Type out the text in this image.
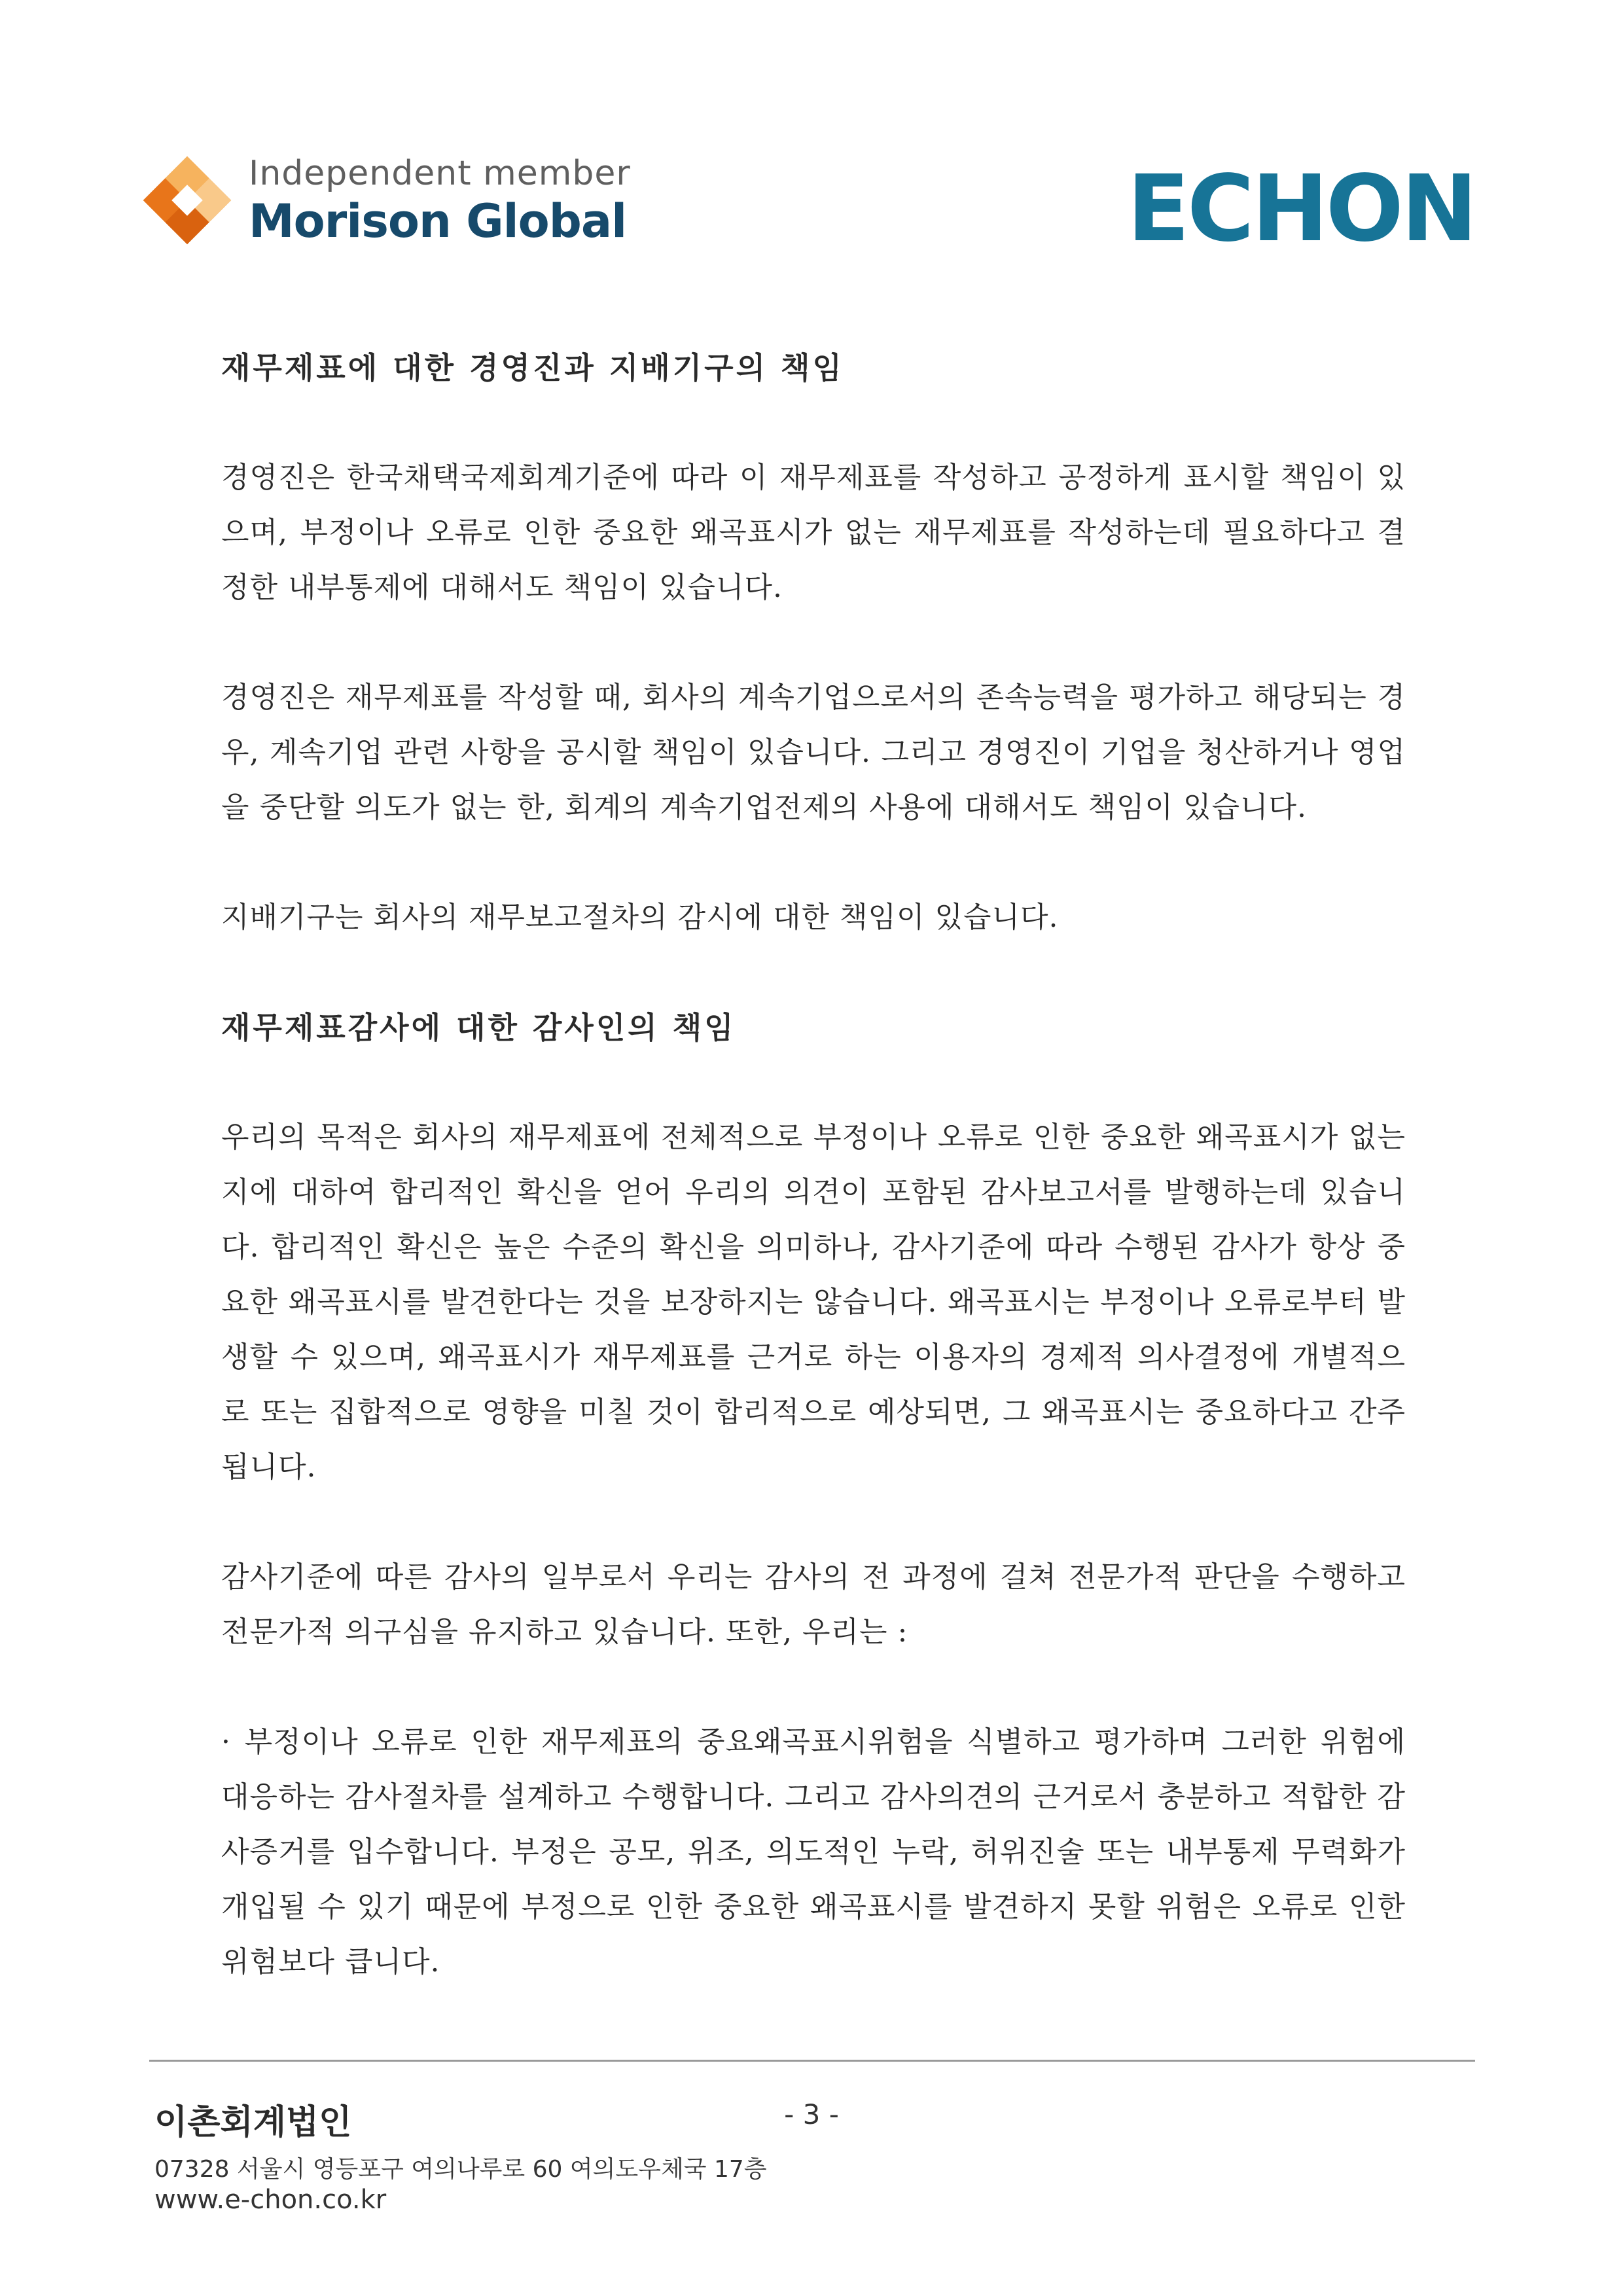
Independent member
Morison Global	ECHON
재무제표에 대한 경영진과 지배기구의 책임

경영진은 한국채택국제회계기준에 따라 이 재무제표를 작성하고 공정하게 표시할 책임이 있으며, 부정이나 오류로 인한 중요한 왜곡표시가 없는 재무제표를 작성하는데 필요하다고 결정한 내부통제에 대해서도 책임이 있습니다.

경영진은 재무제표를 작성할 때, 회사의 계속기업으로서의 존속능력을 평가하고 해당되는 경우, 계속기업 관련 사항을 공시할 책임이 있습니다. 그리고 경영진이 기업을 청산하거나 영업을 중단할 의도가 없는 한, 회계의 계속기업전제의 사용에 대해서도 책임이 있습니다.

지배기구는 회사의 재무보고절차의 감시에 대한 책임이 있습니다.

재무제표감사에 대한 감사인의 책임

우리의 목적은 회사의 재무제표에 전체적으로 부정이나 오류로 인한 중요한 왜곡표시가 없는지에 대하여 합리적인 확신을 얻어 우리의 의견이 포함된 감사보고서를 발행하는데 있습니다. 합리적인 확신은 높은 수준의 확신을 의미하나, 감사기준에 따라 수행된 감사가 항상 중요한 왜곡표시를 발견한다는 것을 보장하지는 않습니다. 왜곡표시는 부정이나 오류로부터 발생할 수 있으며, 왜곡표시가 재무제표를 근거로 하는 이용자의 경제적 의사결정에 개별적으로 또는 집합적으로 영향을 미칠 것이 합리적으로 예상되면, 그 왜곡표시는 중요하다고 간주됩니다.

감사기준에 따른 감사의 일부로서 우리는 감사의 전 과정에 걸쳐 전문가적 판단을 수행하고 전문가적 의구심을 유지하고 있습니다. 또한, 우리는 :

· 부정이나 오류로 인한 재무제표의 중요왜곡표시위험을 식별하고 평가하며 그러한 위험에 대응하는 감사절차를 설계하고 수행합니다. 그리고 감사의견의 근거로서 충분하고 적합한 감사증거를 입수합니다. 부정은 공모, 위조, 의도적인 누락, 허위진술 또는 내부통제 무력화가 개입될 수 있기 때문에 부정으로 인한 중요한 왜곡표시를 발견하지 못할 위험은 오류로 인한 위험보다 큽니다.

이촌회계법인	- 3 -
07328 서울시 영등포구 여의나루로 60 여의도우체국 17층
www.e-chon.co.kr
